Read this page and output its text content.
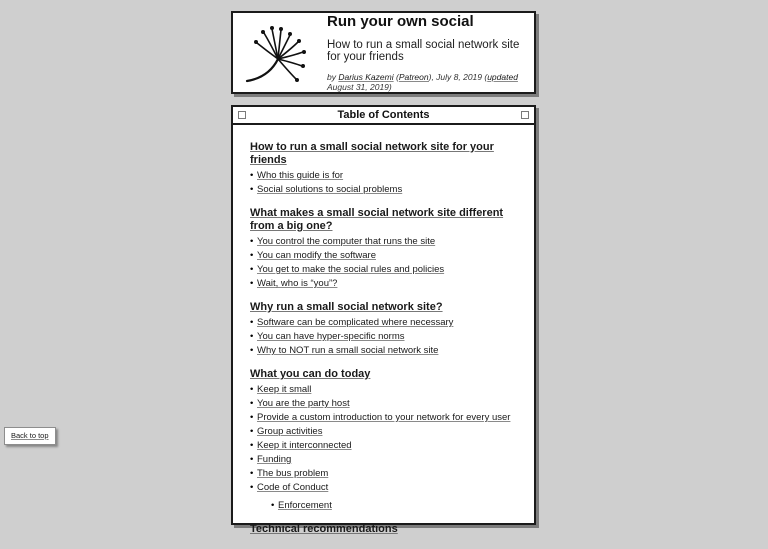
Run your own social

How to run a small social network site for your friends

by Darius Kazemi (Patreon), July 8, 2019 (updated August 31, 2019)

Table of Contents
How to run a small social network site for your friends
• Who this guide is for
• Social solutions to social problems
What makes a small social network site different from a big one?
• You control the computer that runs the site
• You can modify the software
• You get to make the social rules and policies
• Wait, who is “you”?
Why run a small social network site?
• Software can be complicated where necessary
• You can have hyper-specific norms
• Why to NOT run a small social network site
What you can do today
• Keep it small
• You are the party host
• Provide a custom introduction to your network for every user
• Group activities
• Keep it interconnected
• Funding
• The bus problem
• Code of Conduct
• Enforcement
Technical recommendations
Back to top
